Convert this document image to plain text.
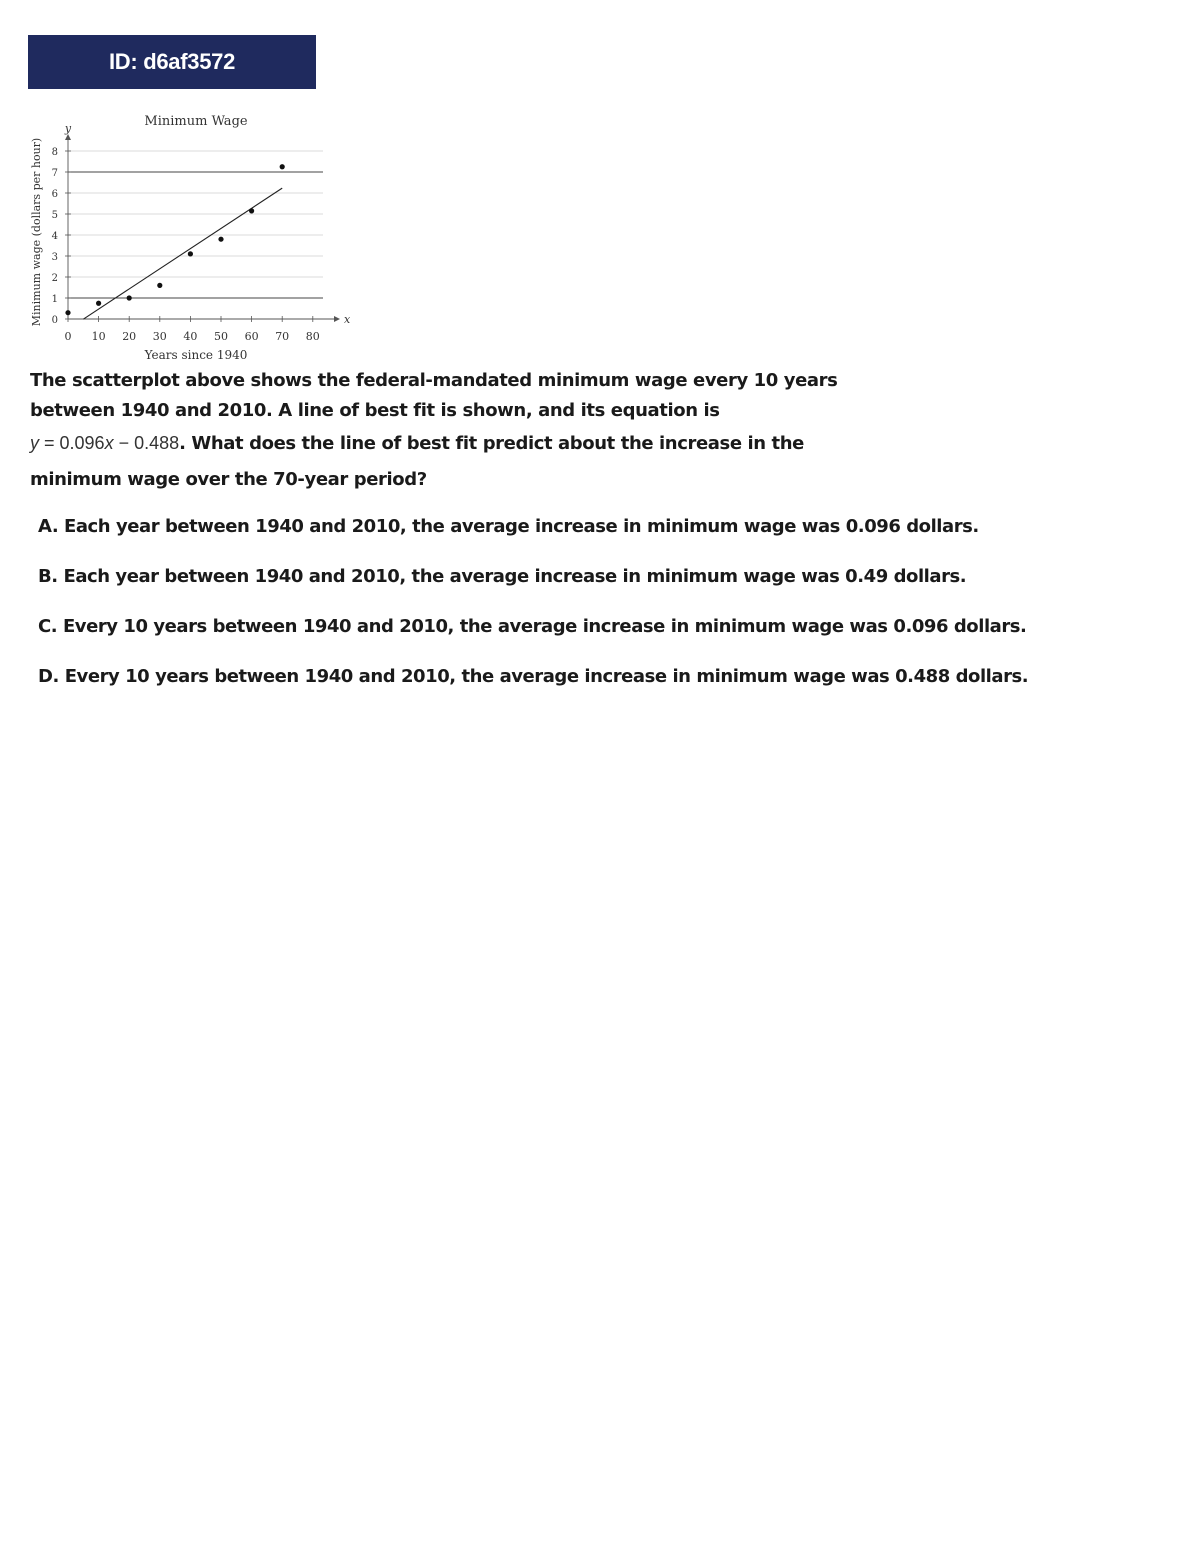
ID: d6af3572
0 10 20 30 40 50 60 70 80
0
1
2
3
4
5
6
7
8
x
y	Minimum Wage
Years since 1940
Minimum wage (dollars per hour)
The scatterplot above shows the federal-mandated minimum wage every 10 years
between 1940 and 2010. A line of best fit is shown, and its equation is
y = 0.096x − 0.488. What does the line of best fit predict about the increase in the
minimum wage over the 70-year period?
A. Each year between 1940 and 2010, the average increase in minimum wage was 0.096 dollars.
B. Each year between 1940 and 2010, the average increase in minimum wage was 0.49 dollars.
C. Every 10 years between 1940 and 2010, the average increase in minimum wage was 0.096 dollars.
D. Every 10 years between 1940 and 2010, the average increase in minimum wage was 0.488 dollars.
